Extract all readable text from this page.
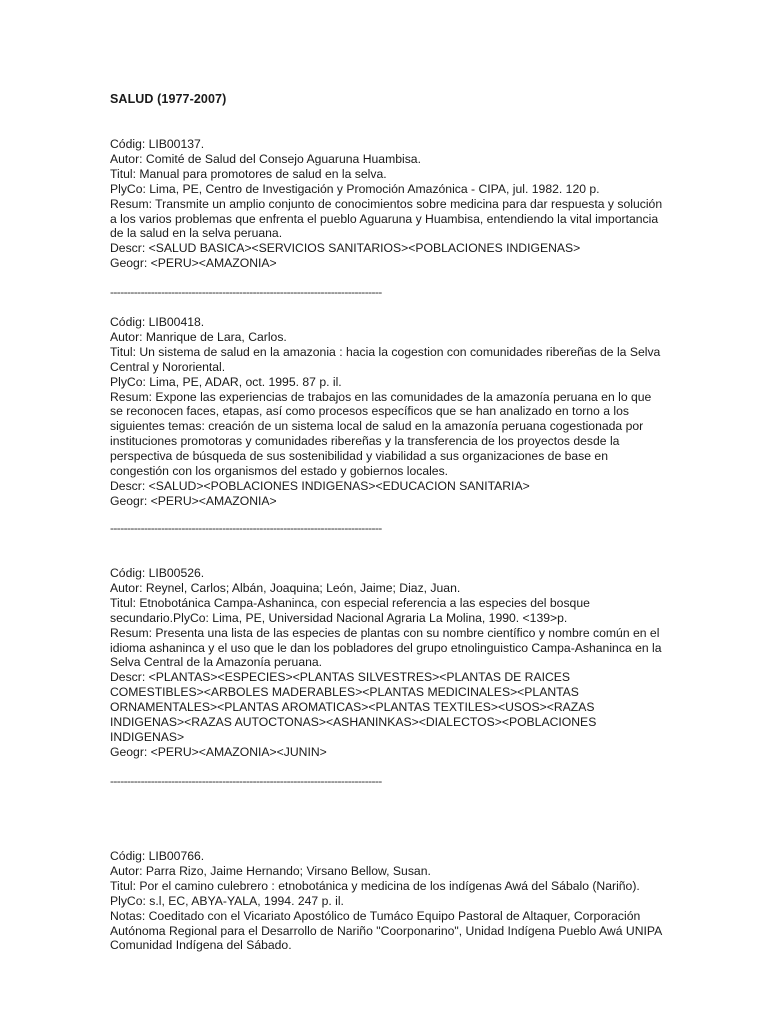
SALUD (1977-2007)

Códig: LIB00137.

Autor: Comité de Salud del Consejo Aguaruna Huambisa.

Titul: Manual para promotores de salud en la selva.

PlyCo: Lima, PE, Centro de Investigación y Promoción Amazónica - CIPA, jul. 1982. 120 p.

Resum: Transmite un amplio conjunto de conocimientos sobre medicina para dar respuesta y solución a los varios problemas que enfrenta el pueblo Aguaruna y Huambisa, entendiendo la vital importancia de la salud en la selva peruana.

Descr: <SALUD BASICA><SERVICIOS SANITARIOS><POBLACIONES INDIGENAS>

Geogr: <PERU><AMAZONIA>

--------------------------------------------------------------------------------

Códig: LIB00418.

Autor: Manrique de Lara, Carlos.

Titul: Un sistema de salud en la amazonia : hacia la cogestion con comunidades ribereñas de la Selva Central y Nororiental.

PlyCo: Lima, PE, ADAR, oct. 1995. 87 p. il.

Resum: Expone las experiencias de trabajos en las comunidades de la amazonía peruana en lo que se reconocen faces, etapas, así como procesos específicos que se han analizado en torno a los siguientes temas: creación de un sistema local de salud en la amazonía peruana cogestionada por instituciones promotoras y comunidades ribereñas y la transferencia de los proyectos desde la perspectiva de búsqueda de sus sostenibilidad y viabilidad a sus organizaciones de base en congestión con los organismos del estado y gobiernos locales.

Descr: <SALUD><POBLACIONES INDIGENAS><EDUCACION SANITARIA>

Geogr: <PERU><AMAZONIA>

--------------------------------------------------------------------------------

Códig: LIB00526.

Autor: Reynel, Carlos; Albán, Joaquina; León, Jaime; Diaz, Juan.

Titul: Etnobotánica Campa-Ashaninca, con especial referencia a las especies del bosque secundario.PlyCo: Lima, PE, Universidad Nacional Agraria La Molina, 1990. <139>p.

Resum: Presenta una lista de las especies de plantas con su nombre científico y nombre común en el idioma ashaninca y el uso que le dan los pobladores del grupo etnolinguistico Campa-Ashaninca en la Selva Central de la Amazonía peruana.

Descr: <PLANTAS><ESPECIES><PLANTAS SILVESTRES><PLANTAS DE RAICES COMESTIBLES><ARBOLES MADERABLES><PLANTAS MEDICINALES><PLANTAS ORNAMENTALES><PLANTAS AROMATICAS><PLANTAS TEXTILES><USOS><RAZAS INDIGENAS><RAZAS AUTOCTONAS><ASHANINKAS><DIALECTOS><POBLACIONES INDIGENAS>

Geogr: <PERU><AMAZONIA><JUNIN>

--------------------------------------------------------------------------------

Códig: LIB00766.

Autor: Parra Rizo, Jaime Hernando; Virsano Bellow, Susan.

Titul: Por el camino culebrero : etnobotánica y medicina de los indígenas Awá del Sábalo (Nariño).

PlyCo: s.l, EC, ABYA-YALA, 1994. 247 p. il.

Notas: Coeditado con el Vicariato Apostólico de Tumáco Equipo Pastoral de Altaquer, Corporación Autónoma Regional para el Desarrollo de Nariño "Coorponarino", Unidad Indígena Pueblo Awá UNIPA Comunidad Indígena del Sábado.
